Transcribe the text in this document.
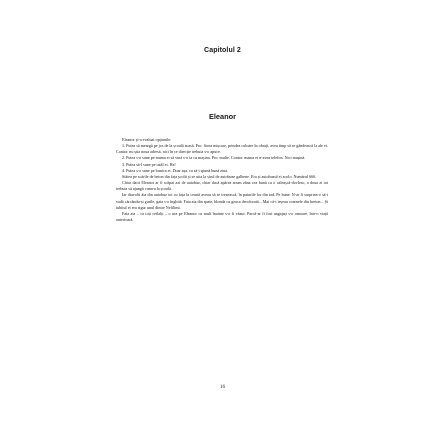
Capitolul 2
Eleanor

Eleanor și-a evaluat opțiunile:

1. Putea să meargă pe jos de la școală acasă. Pro: făcea mișcare, prindea culoare în obraji, avea timp să se gândească la ale ei. Contra: nu știa noua adresă, nici în ce direcție trebuia s-o apuce.

2. Putea s-o sune pe mama ei să vină s-o ia cu mașina. Pro: multe. Contra: mama ei n-avea telefon. Nici mașină.

3. Putea să-l sune pe tatăl ei. Ha!

4. Putea s-o sune pe bunica ei. Doar așa, ca să-i spună bună ziua.

Stătea pe scările de beton din fața școlii și se uita la șirul de autobuze galbene. Era și autobuzul ei acolo. Numărul 666.

Chiar dacă Eleanor ar fi scăpat azi de autobuz, chiar dacă apărea acum zâna cea bună cu o caleașcă-dovleac, a doua zi tot trebuia să ajungă cumva la școală.

Iar diavolii ăia din autobuz tot cu fața la ceartă aveau să se trezească, în paturile lor din iad. Pe bune. N-ar fi surprins-o să-i vadă cărcându-și gurile, gata s-o înghită. Fata aia din spate, blonda cu geaca decolorată... Mai că-i ieșeau coarnele din breton... Și iubitul ei era sigur unul dintre Nefilimi.

Fata aia – ca toți ceilalți – o ura pe Eleanor cu mult înainte s-o fi văzut. Parcă-ar fi fost angajați s-o omoare, într-o viață anterioară.

16
